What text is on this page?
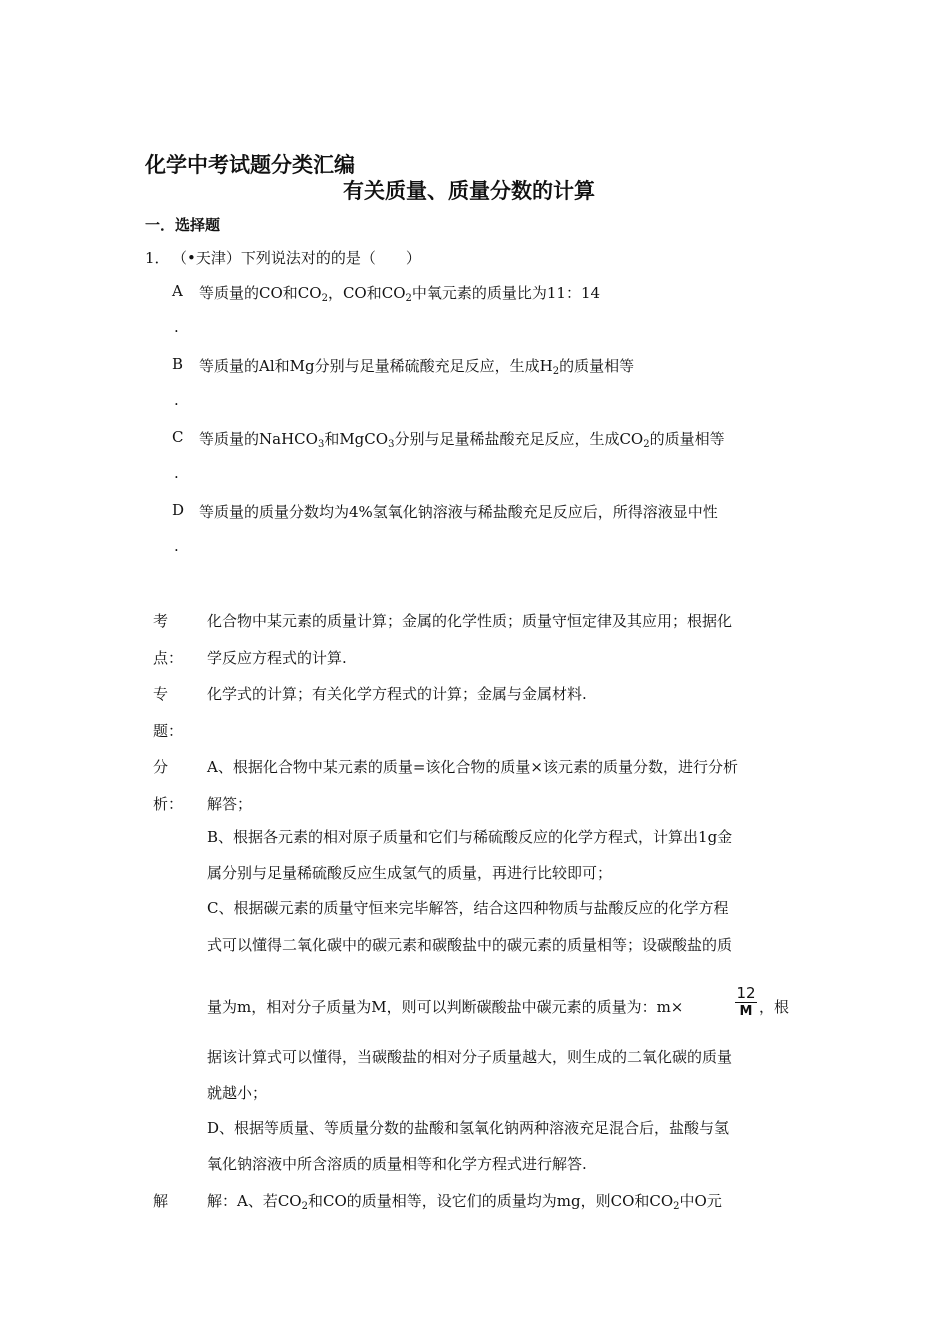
化学中考试题分类汇编
有关质量、质量分数的计算
一．选择题
1． （•天津）下列说法对的的是（　　）
A 等质量的CO和$CO_2$，CO和$CO_2$中氧元素的质量比为11：14
.
B 等质量的Al和Mg分别与足量稀硫酸充足反应，生成$H_2$的质量相等
.
C 等质量的NaHCO$_3$和MgCO$_3$分别与足量稀盐酸充足反应，生成$CO_2$的质量相等
.
D 等质量的质量分数均为4%氢氧化钠溶液与稀盐酸充足反应后，所得溶液显中性
.
考
点：
化合物中某元素的质量计算；金属的化学性质；质量守恒定律及其应用；根据化
学反应方程式的计算.
专
题：
化学式的计算；有关化学方程式的计算；金属与金属材料.
分
析：
A、根据化合物中某元素的质量=该化合物的质量×该元素的质量分数，进行分析
解答；
B、根据各元素的相对原子质量和它们与稀硫酸反应的化学方程式，计算出1g金
属分别与足量稀硫酸反应生成氢气的质量，再进行比较即可；
C、根据碳元素的质量守恒来完毕解答，结合这四种物质与盐酸反应的化学方程
式可以懂得二氧化碳中的碳元素和碳酸盐中的碳元素的质量相等；设碳酸盐的质
量为m，相对分子质量为M，则可以判断碳酸盐中碳元素的质量为：m×
12
M ，根
据该计算式可以懂得，当碳酸盐的相对分子质量越大，则生成的二氧化碳的质量
就越小；
D、根据等质量、等质量分数的盐酸和氢氧化钠两种溶液充足混合后，盐酸与氢
氧化钠溶液中所含溶质的质量相等和化学方程式进行解答.
解	解：A、若$CO_2$和CO的质量相等，设它们的质量均为mg，则CO和$CO_2$中O元
